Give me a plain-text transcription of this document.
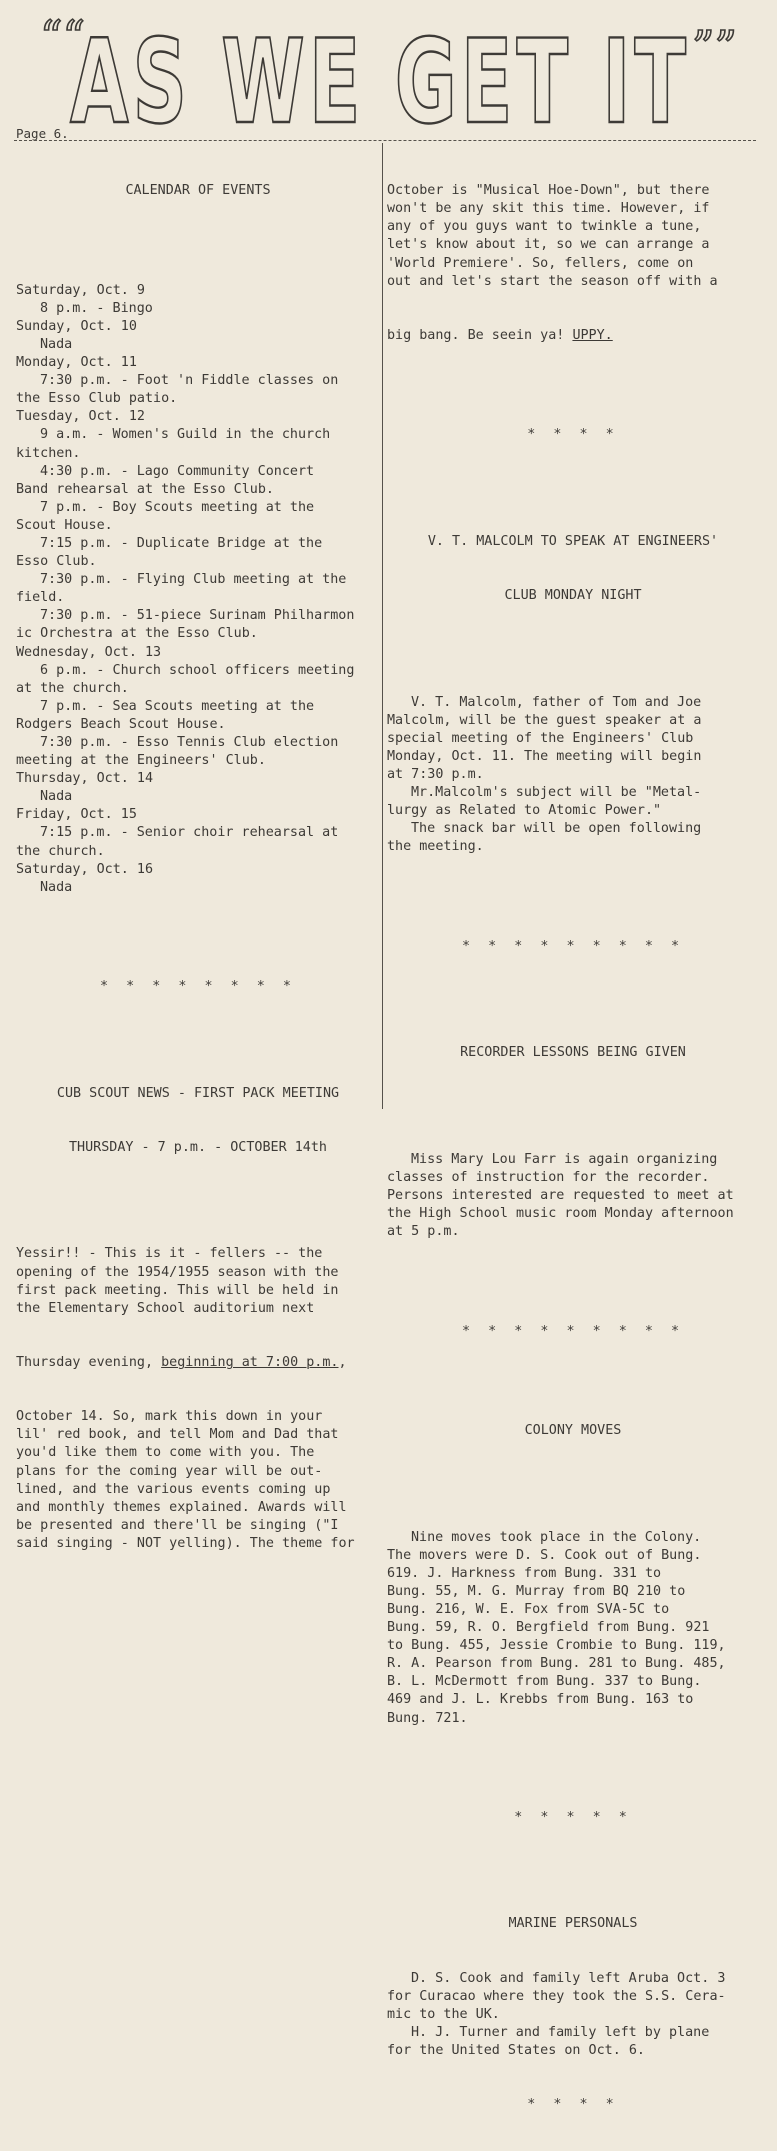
““
AS WE GET IT ””
Page 6.

CALENDAR OF EVENTS

Saturday, Oct. 9
8 p.m. - Bingo
Sunday, Oct. 10
Nada
Monday, Oct. 11
7:30 p.m. - Foot 'n Fiddle classes on
the Esso Club patio.
Tuesday, Oct. 12
9 a.m. - Women's Guild in the church
kitchen.
4:30 p.m. - Lago Community Concert
Band rehearsal at the Esso Club.
7 p.m. - Boy Scouts meeting at the
Scout House.
7:15 p.m. - Duplicate Bridge at the
Esso Club.
7:30 p.m. - Flying Club meeting at the
field.
7:30 p.m. - 51-piece Surinam Philharmon
ic Orchestra at the Esso Club.
Wednesday, Oct. 13
6 p.m. - Church school officers meeting
at the church.
7 p.m. - Sea Scouts meeting at the
Rodgers Beach Scout House.
7:30 p.m. - Esso Tennis Club election
meeting at the Engineers' Club.
Thursday, Oct. 14
Nada
Friday, Oct. 15
7:15 p.m. - Senior choir rehearsal at
the church.
Saturday, Oct. 16
Nada

* * * * * * * *

CUB SCOUT NEWS - FIRST PACK MEETING

THURSDAY - 7 p.m. - OCTOBER 14th

Yessir!! - This is it - fellers -- the
opening of the 1954/1955 season with the
first pack meeting. This will be held in
the Elementary School auditorium next

Thursday evening, beginning at 7:00 p.m.,

October 14. So, mark this down in your
lil' red book, and tell Mom and Dad that
you'd like them to come with you. The
plans for the coming year will be out-
lined, and the various events coming up
and monthly themes explained. Awards will
be presented and there'll be singing ("I
said singing - NOT yelling). The theme for

October is "Musical Hoe-Down", but there
won't be any skit this time. However, if
any of you guys want to twinkle a tune,
let's know about it, so we can arrange a
'World Premiere'. So, fellers, come on
out and let's start the season off with a

big bang. Be seein ya! UPPY.

* * * *

V. T. MALCOLM TO SPEAK AT ENGINEERS'

CLUB MONDAY NIGHT

V. T. Malcolm, father of Tom and Joe
Malcolm, will be the guest speaker at a
special meeting of the Engineers' Club
Monday, Oct. 11. The meeting will begin
at 7:30 p.m.
Mr.Malcolm's subject will be "Metal-
lurgy as Related to Atomic Power."
The snack bar will be open following
the meeting.

* * * * * * * * *

RECORDER LESSONS BEING GIVEN

Miss Mary Lou Farr is again organizing
classes of instruction for the recorder.
Persons interested are requested to meet at
the High School music room Monday afternoon
at 5 p.m.

* * * * * * * * *

COLONY MOVES

Nine moves took place in the Colony.
The movers were D. S. Cook out of Bung.
619. J. Harkness from Bung. 331 to
Bung. 55, M. G. Murray from BQ 210 to
Bung. 216, W. E. Fox from SVA-5C to
Bung. 59, R. O. Bergfield from Bung. 921
to Bung. 455, Jessie Crombie to Bung. 119,
R. A. Pearson from Bung. 281 to Bung. 485,
B. L. McDermott from Bung. 337 to Bung.
469 and J. L. Krebbs from Bung. 163 to
Bung. 721.

* * * * *

MARINE PERSONALS

D. S. Cook and family left Aruba Oct. 3
for Curacao where they took the S.S. Cera-
mic to the UK.
H. J. Turner and family left by plane
for the United States on Oct. 6.

* * * *
